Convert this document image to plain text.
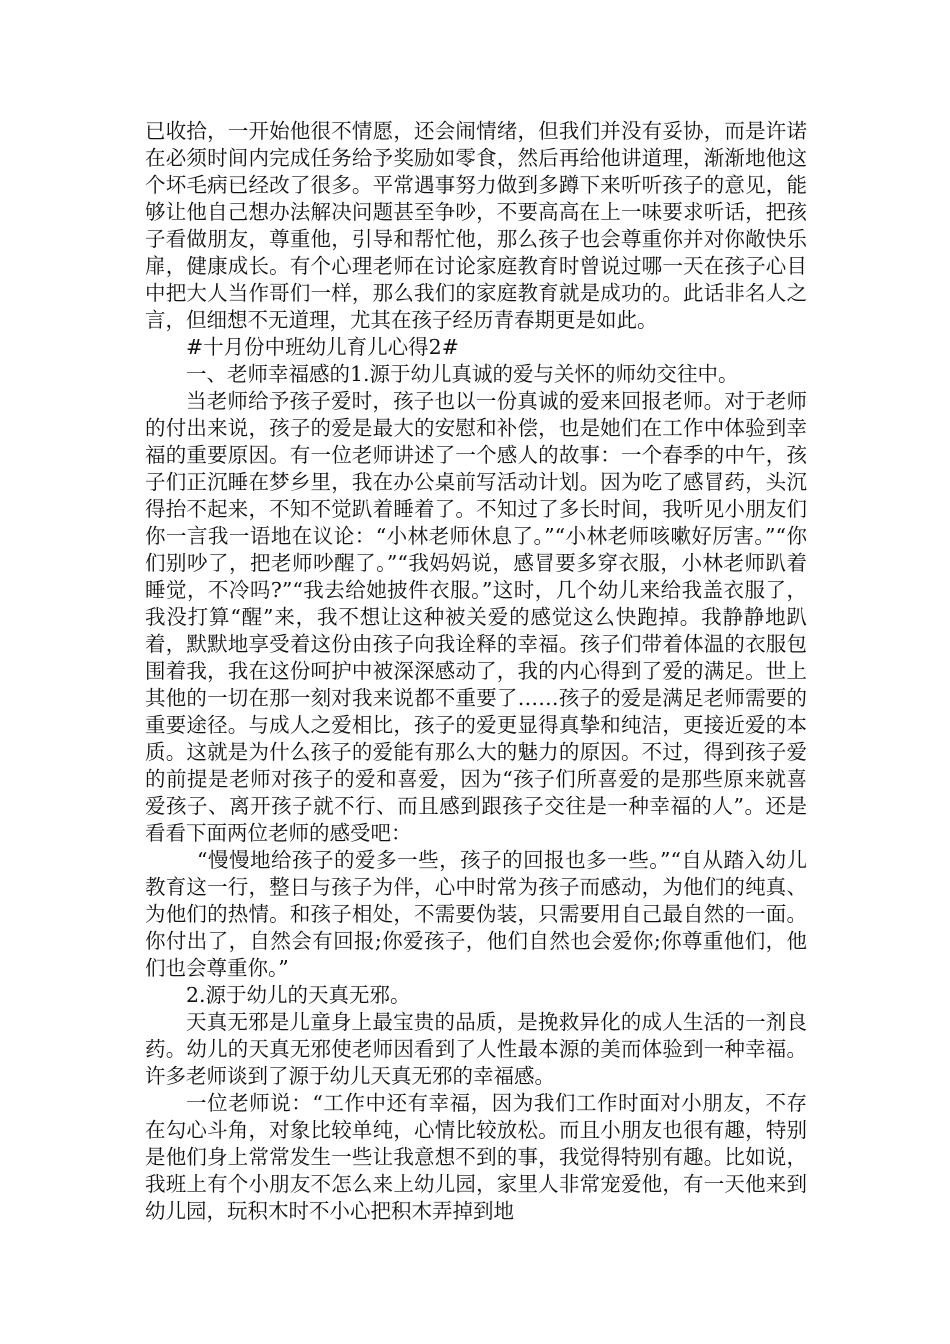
已收拾，一开始他很不情愿，还会闹情绪，但我们并没有妥协，而是许诺在必须时间内完成任务给予奖励如零食，然后再给他讲道理，渐渐地他这个坏毛病已经改了很多。平常遇事努力做到多蹲下来听听孩子的意见，能够让他自己想办法解决问题甚至争吵，不要高高在上一味要求听话，把孩子看做朋友，尊重他，引导和帮忙他，那么孩子也会尊重你并对你敞快乐扉，健康成长。有个心理老师在讨论家庭教育时曾说过哪一天在孩子心目中把大人当作哥们一样，那么我们的家庭教育就是成功的。此话非名人之言，但细想不无道理，尤其在孩子经历青春期更是如此。

#十月份中班幼儿育儿心得2#

一、老师幸福感的1.源于幼儿真诚的爱与关怀的师幼交往中。

当老师给予孩子爱时，孩子也以一份真诚的爱来回报老师。对于老师的付出来说，孩子的爱是最大的安慰和补偿，也是她们在工作中体验到幸福的重要原因。有一位老师讲述了一个感人的故事：一个春季的中午，孩子们正沉睡在梦乡里，我在办公桌前写活动计划。因为吃了感冒药，头沉得抬不起来，不知不觉趴着睡着了。不知过了多长时间，我听见小朋友们你一言我一语地在议论：“小林老师休息了。”“小林老师咳嗽好厉害。”“你们别吵了，把老师吵醒了。”“我妈妈说，感冒要多穿衣服，小林老师趴着睡觉，不冷吗?”“我去给她披件衣服。”这时，几个幼儿来给我盖衣服了，我没打算“醒”来，我不想让这种被关爱的感觉这么快跑掉。我静静地趴着，默默地享受着这份由孩子向我诠释的幸福。孩子们带着体温的衣服包围着我，我在这份呵护中被深深感动了，我的内心得到了爱的满足。世上其他的一切在那一刻对我来说都不重要了……孩子的爱是满足老师需要的重要途径。与成人之爱相比，孩子的爱更显得真挚和纯洁，更接近爱的本质。这就是为什么孩子的爱能有那么大的魅力的原因。不过，得到孩子爱的前提是老师对孩子的爱和喜爱，因为“孩子们所喜爱的是那些原来就喜爱孩子、离开孩子就不行、而且感到跟孩子交往是一种幸福的人”。还是看看下面两位老师的感受吧：

“慢慢地给孩子的爱多一些，孩子的回报也多一些。”“自从踏入幼儿教育这一行，整日与孩子为伴，心中时常为孩子而感动，为他们的纯真、为他们的热情。和孩子相处，不需要伪装，只需要用自己最自然的一面。你付出了，自然会有回报;你爱孩子，他们自然也会爱你;你尊重他们，他们也会尊重你。”

2.源于幼儿的天真无邪。

天真无邪是儿童身上最宝贵的品质，是挽救异化的成人生活的一剂良药。幼儿的天真无邪使老师因看到了人性最本源的美而体验到一种幸福。许多老师谈到了源于幼儿天真无邪的幸福感。

一位老师说：“工作中还有幸福，因为我们工作时面对小朋友，不存在勾心斗角，对象比较单纯，心情比较放松。而且小朋友也很有趣，特别是他们身上常常发生一些让我意想不到的事，我觉得特别有趣。比如说，我班上有个小朋友不怎么来上幼儿园，家里人非常宠爱他，有一天他来到幼儿园，玩积木时不小心把积木弄掉到地
